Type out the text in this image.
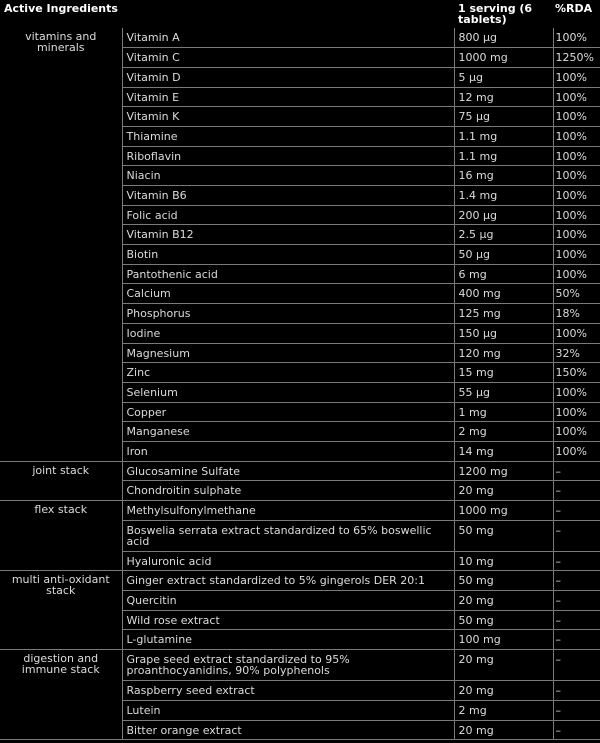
Active Ingredients		1 serving (6 tablets)	%RDA
vitamins and minerals	Vitamin A	800 µg	100%
	Vitamin C	1000 mg	1250%
	Vitamin D	5 µg	100%
	Vitamin E	12 mg	100%
	Vitamin K	75 µg	100%
	Thiamine	1.1 mg	100%
	Riboflavin	1.1 mg	100%
	Niacin	16 mg	100%
	Vitamin B6	1.4 mg	100%
	Folic acid	200 µg	100%
	Vitamin B12	2.5 µg	100%
	Biotin	50 µg	100%
	Pantothenic acid	6 mg	100%
	Calcium	400 mg	50%
	Phosphorus	125 mg	18%
	Iodine	150 µg	100%
	Magnesium	120 mg	32%
	Zinc	15 mg	150%
	Selenium	55 µg	100%
	Copper	1 mg	100%
	Manganese	2 mg	100%
	Iron	14 mg	100%
joint stack	Glucosamine Sulfate	1200 mg	–
	Chondroitin sulphate	20 mg	–
flex stack	Methylsulfonylmethane	1000 mg	–
	Boswelia serrata extract standardized to 65% boswellic acid	50 mg	–
	Hyaluronic acid	10 mg	–
multi anti-oxidant stack	Ginger extract standardized to 5% gingerols DER 20:1	50 mg	–
	Quercitin	20 mg	–
	Wild rose extract	50 mg	–
	L-glutamine	100 mg	–
digestion and immune stack	Grape seed extract standardized to 95% proanthocyanidins, 90% polyphenols	20 mg	–
	Raspberry seed extract	20 mg	–
	Lutein	2 mg	–
	Bitter orange extract	20 mg	–
